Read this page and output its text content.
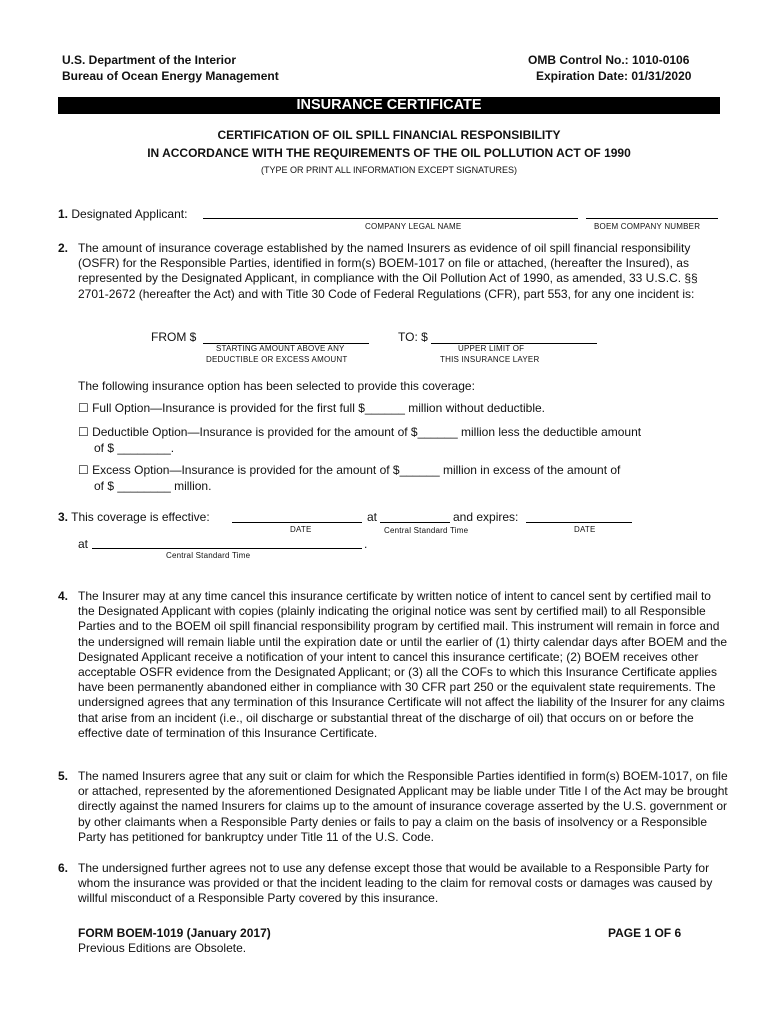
U.S. Department of the Interior
Bureau of Ocean Energy Management
OMB Control No.: 1010-0106
Expiration Date: 01/31/2020
INSURANCE CERTIFICATE
CERTIFICATION OF OIL SPILL FINANCIAL RESPONSIBILITY
IN ACCORDANCE WITH THE REQUIREMENTS OF THE OIL POLLUTION ACT OF 1990
(TYPE OR PRINT ALL INFORMATION EXCEPT SIGNATURES)
1. Designated Applicant:
COMPANY LEGAL NAME	BOEM COMPANY NUMBER
2. The amount of insurance coverage established by the named Insurers as evidence of oil spill financial responsibility (OSFR) for the Responsible Parties, identified in form(s) BOEM-1017 on file or attached, (hereafter the Insured), as represented by the Designated Applicant, in compliance with the Oil Pollution Act of 1990, as amended, 33 U.S.C. §§ 2701-2672 (hereafter the Act) and with Title 30 Code of Federal Regulations (CFR), part 553, for any one incident is:
FROM $	TO: $
STARTING AMOUNT ABOVE ANY
DEDUCTIBLE OR EXCESS AMOUNT
UPPER LIMIT OF
THIS INSURANCE LAYER
The following insurance option has been selected to provide this coverage:
☐ Full Option—Insurance is provided for the first full $______ million without deductible.
☐ Deductible Option—Insurance is provided for the amount of $______ million less the deductible amount
of $ ________.
☐ Excess Option—Insurance is provided for the amount of $______ million in excess of the amount of
of $ ________ million.
3. This coverage is effective:	at	and expires:
DATE	Central Standard Time	DATE
at	.
Central Standard Time
4. The Insurer may at any time cancel this insurance certificate by written notice of intent to cancel sent by certified mail to the Designated Applicant with copies (plainly indicating the original notice was sent by certified mail) to all Responsible Parties and to the BOEM oil spill financial responsibility program by certified mail. This instrument will remain in force and the undersigned will remain liable until the expiration date or until the earlier of (1) thirty calendar days after BOEM and the Designated Applicant receive a notification of your intent to cancel this insurance certificate; (2) BOEM receives other acceptable OSFR evidence from the Designated Applicant; or (3) all the COFs to which this Insurance Certificate applies have been permanently abandoned either in compliance with 30 CFR part 250 or the equivalent state requirements. The undersigned agrees that any termination of this Insurance Certificate will not affect the liability of the Insurer for any claims that arise from an incident (i.e., oil discharge or substantial threat of the discharge of oil) that occurs on or before the effective date of termination of this Insurance Certificate.
5. The named Insurers agree that any suit or claim for which the Responsible Parties identified in form(s) BOEM-1017, on file or attached, represented by the aforementioned Designated Applicant may be liable under Title I of the Act may be brought directly against the named Insurers for claims up to the amount of insurance coverage asserted by the U.S. government or by other claimants when a Responsible Party denies or fails to pay a claim on the basis of insolvency or a Responsible Party has petitioned for bankruptcy under Title 11 of the U.S. Code.
6. The undersigned further agrees not to use any defense except those that would be available to a Responsible Party for whom the insurance was provided or that the incident leading to the claim for removal costs or damages was caused by willful misconduct of a Responsible Party covered by this insurance.
FORM BOEM-1019 (January 2017)
Previous Editions are Obsolete.
PAGE 1 OF 6
